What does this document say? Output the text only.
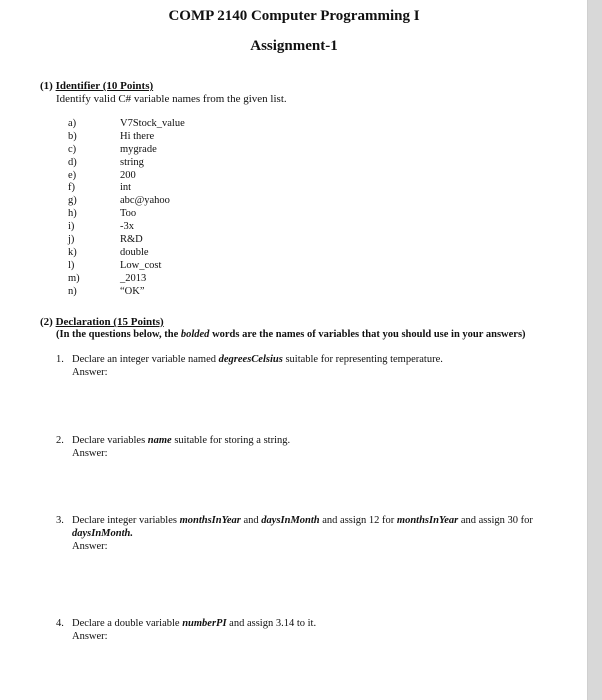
COMP 2140 Computer Programming I
Assignment-1
(1) Identifier (10 Points)
Identify valid C# variable names from the given list.
a)	V7Stock_value
b)	Hi there
c)	mygrade
d)	string
e)	200
f)	int
g)	abc@yahoo
h)	Too
i)	-3x
j)	R&D
k)	double
l)	Low_cost
m)	_2013
n)	“OK”
(2) Declaration (15 Points)
(In the questions below, the bolded words are the names of variables that you should use in your answers)
1. Declare an integer variable named degreesCelsius suitable for representing temperature.
Answer:
2. Declare variables name suitable for storing a string.
Answer:
3. Declare integer variables monthsInYear and daysInMonth and assign 12 for monthsInYear and assign 30 for daysInMonth.
Answer:
4. Declare a double variable numberPI and assign 3.14 to it.
Answer:
